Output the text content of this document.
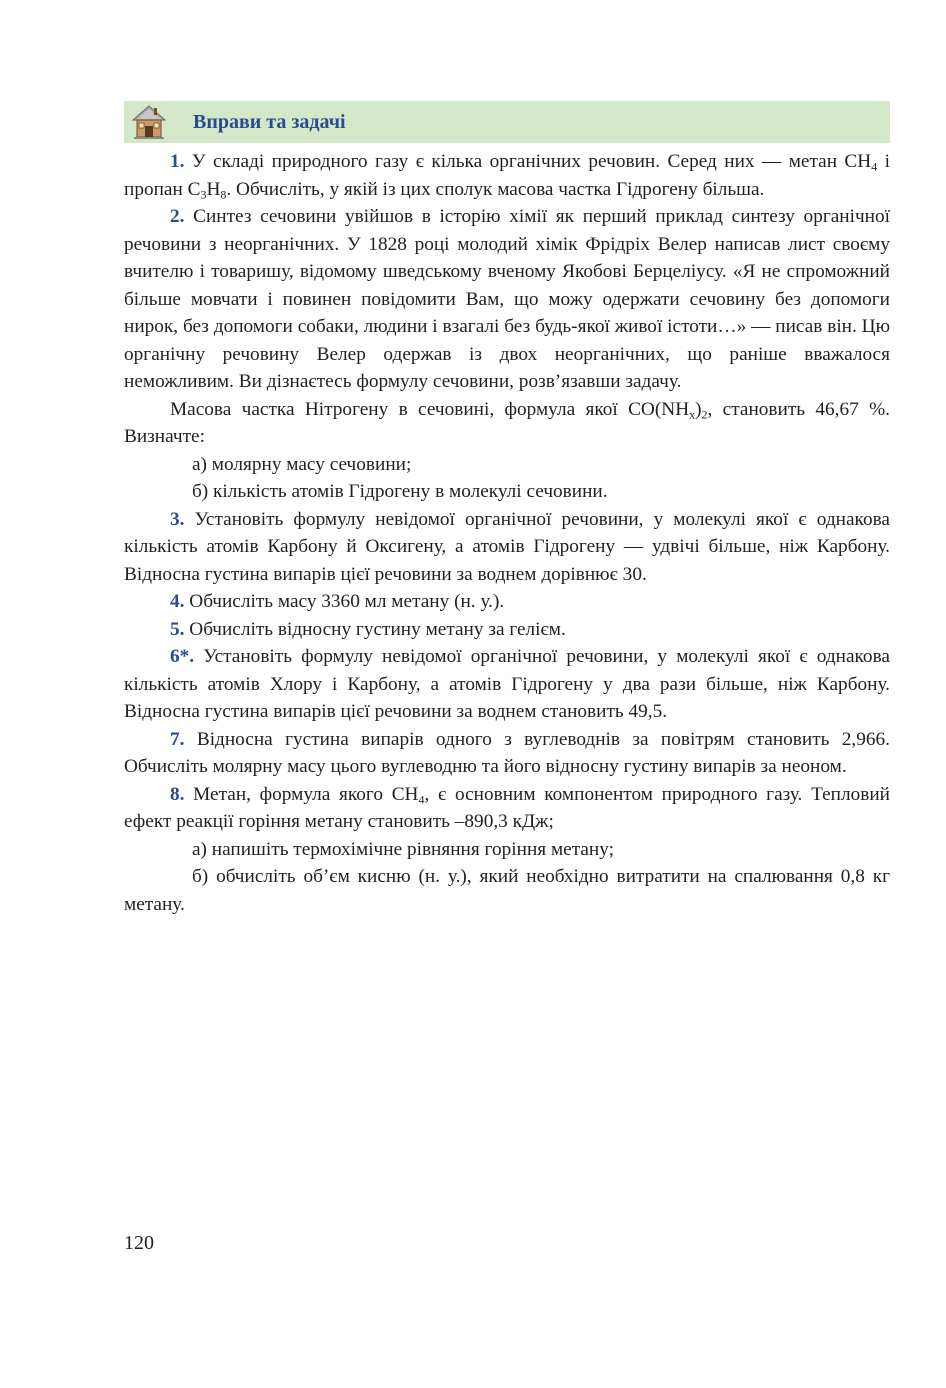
Вправи та задачі

1. У складі природного газу є кілька органічних речовин. Серед них — метан $CH_4$ і пропан $C_3H_8$. Обчисліть, у якій із цих сполук масова частка Гідрогену більша.

2. Синтез сечовини увійшов в історію хімії як перший приклад синтезу органічної речовини з неорганічних. У 1828 році молодий хімік Фрідріх Велер написав лист своєму вчителю і товаришу, відомому шведському вченому Якобові Берцеліусу. «Я не спроможний більше мовчати і повинен повідомити Вам, що можу одержати сечовину без допомоги нирок, без допомоги собаки, людини і взагалі без будь-якої живої істоти…» — писав він. Цю органічну речовину Велер одержав із двох неорганічних, що раніше вважалося неможливим. Ви дізнаєтесь формулу сечовини, розв’язавши задачу.

Масова частка Нітрогену в сечовині, формула якої $CO(NH_x)_2$, становить 46,67 %. Визначте:

а) молярну масу сечовини;

б) кількість атомів Гідрогену в молекулі сечовини.

3. Установіть формулу невідомої органічної речовини, у молекулі якої є однакова кількість атомів Карбону й Оксигену, а атомів Гідрогену — удвічі більше, ніж Карбону. Відносна густина випарів цієї речовини за воднем дорівнює 30.

4. Обчисліть масу 3360 мл метану (н. у.).

5. Обчисліть відносну густину метану за гелієм.

6*. Установіть формулу невідомої органічної речовини, у молекулі якої є однакова кількість атомів Хлору і Карбону, а атомів Гідрогену у два рази більше, ніж Карбону. Відносна густина випарів цієї речовини за воднем становить 49,5.

7. Відносна густина випарів одного з вуглеводнів за повітрям становить 2,966. Обчисліть молярну масу цього вуглеводню та його відносну густину випарів за неоном.

8. Метан, формула якого $CH_4$, є основним компонентом природного газу. Тепловий ефект реакції горіння метану становить –890,3 кДж;

а) напишіть термохімічне рівняння горіння метану;

б) обчисліть об’єм кисню (н. у.), який необхідно витратити на спалювання 0,8 кг метану.

120
